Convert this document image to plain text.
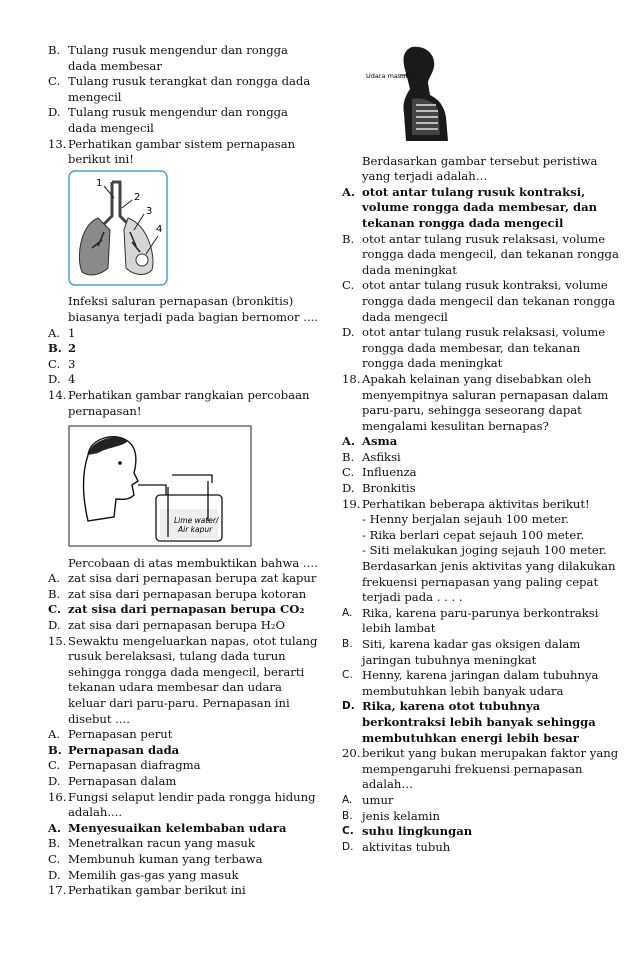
B. Tulang rusuk mengendur dan rongga dada membesar
C. Tulang rusuk terangkat dan rongga dada mengecil
D. Tulang rusuk mengendur dan rongga dada mengecil
13. Perhatikan gambar sistem pernapasan berikut ini!
1
2
3
4
Infeksi saluran pernapasan (bronkitis) biasanya terjadi pada bagian bernomor ....
A. 1
B. 2
C. 3
D. 4
14. Perhatikan gambar rangkaian percobaan pernapasan!
Lime water/
Air kapur
Percobaan di atas membuktikan bahwa ....
A. zat sisa dari pernapasan berupa zat kapur
B. zat sisa dari pernapasan berupa kotoran
C. zat sisa dari pernapasan berupa CO₂
D. zat sisa dari pernapasan berupa H₂O
15. Sewaktu mengeluarkan napas, otot tulang rusuk berelaksasi, tulang dada turun sehingga rongga dada mengecil, berarti tekanan udara membesar dan udara keluar dari paru-paru. Pernapasan ini disebut ....
A. Pernapasan perut
B. Pernapasan dada
C. Pernapasan diafragma
D. Pernapasan dalam
16. Fungsi selaput lendir pada rongga hidung adalah....
A. Menyesuaikan kelembaban udara
B. Menetralkan racun yang masuk
C. Membunuh kuman yang terbawa
D. Memilih gas-gas yang masuk
17. Perhatikan gambar berikut ini
Udara masuk
Berdasarkan gambar tersebut peristiwa yang terjadi adalah…
A. otot antar tulang rusuk kontraksi, volume rongga dada membesar, dan tekanan rongga dada mengecil
B. otot antar tulang rusuk relaksasi, volume rongga dada mengecil, dan tekanan rongga dada meningkat
C. otot antar tulang rusuk kontraksi, volume rongga dada mengecil dan tekanan rongga dada mengecil
D. otot antar tulang rusuk relaksasi, volume rongga dada membesar, dan tekanan rongga dada meningkat
18. Apakah kelainan yang disebabkan oleh menyempitnya saluran pernapasan dalam paru-paru, sehingga seseorang dapat mengalami kesulitan bernapas?
A. Asma
B. Asfiksi
C. Influenza
D. Bronkitis
19. Perhatikan beberapa aktivitas berikut!
- Henny berjalan sejauh 100 meter.
- Rika berlari cepat sejauh 100 meter.
- Siti melakukan joging sejauh 100 meter.
Berdasarkan jenis aktivitas yang dilakukan frekuensi pernapasan yang paling cepat terjadi pada . . . .
A. Rika, karena paru-parunya berkontraksi lebih lambat
B. Siti, karena kadar gas oksigen dalam jaringan tubuhnya meningkat
C. Henny, karena jaringan dalam tubuhnya membutuhkan lebih banyak udara
D. Rika, karena otot tubuhnya berkontraksi lebih banyak sehingga membutuhkan energi lebih besar
20. berikut yang bukan merupakan faktor yang mempengaruhi frekuensi pernapasan adalah…
A. umur
B. jenis kelamin
C. suhu lingkungan
D. aktivitas tubuh
